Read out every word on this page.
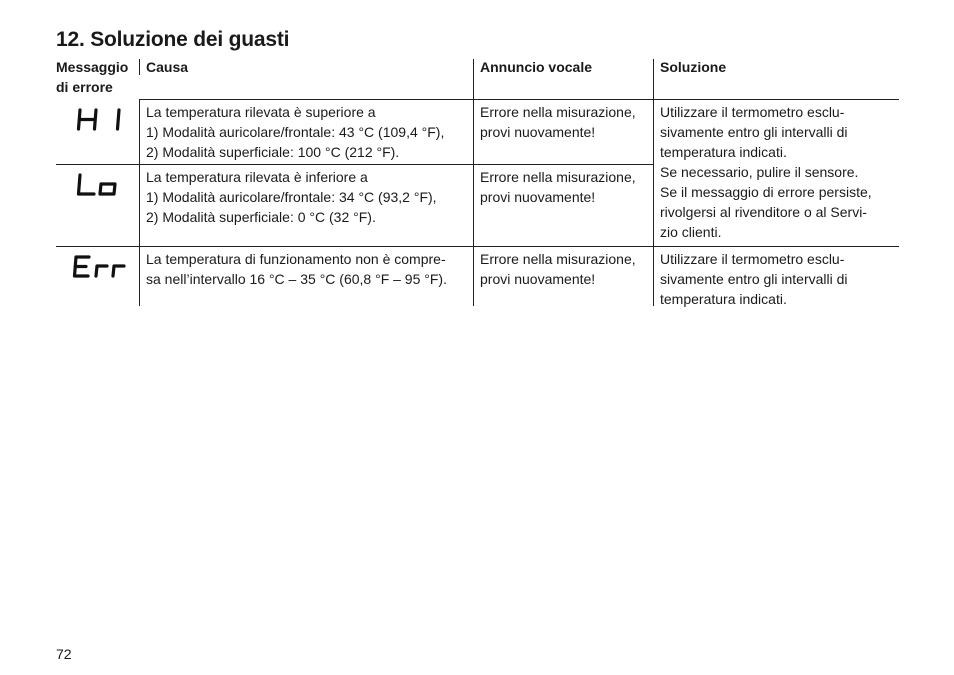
12. Soluzione dei guasti
Messaggio
di errore
Causa	Annuncio vocale	Soluzione
La temperatura rilevata è superiore a
1) Modalità auricolare/frontale: 43 °C (109,4 °F),
2) Modalità superficiale: 100 °C (212 °F).
Errore nella misurazione,
provi nuovamente!
Utilizzare il termometro esclu-
sivamente entro gli intervalli di
temperatura indicati.
Se necessario, pulire il sensore.
Se il messaggio di errore persiste,
rivolgersi al rivenditore o al Servi-
zio clienti.
La temperatura rilevata è inferiore a
1) Modalità auricolare/frontale: 34 °C (93,2 °F),
2) Modalità superficiale: 0 °C (32 °F).
Errore nella misurazione,
provi nuovamente!
La temperatura di funzionamento non è compre-
sa nell’intervallo 16 °C – 35 °C (60,8 °F – 95 °F).
Errore nella misurazione,
provi nuovamente!
Utilizzare il termometro esclu-
sivamente entro gli intervalli di
temperatura indicati.
72
